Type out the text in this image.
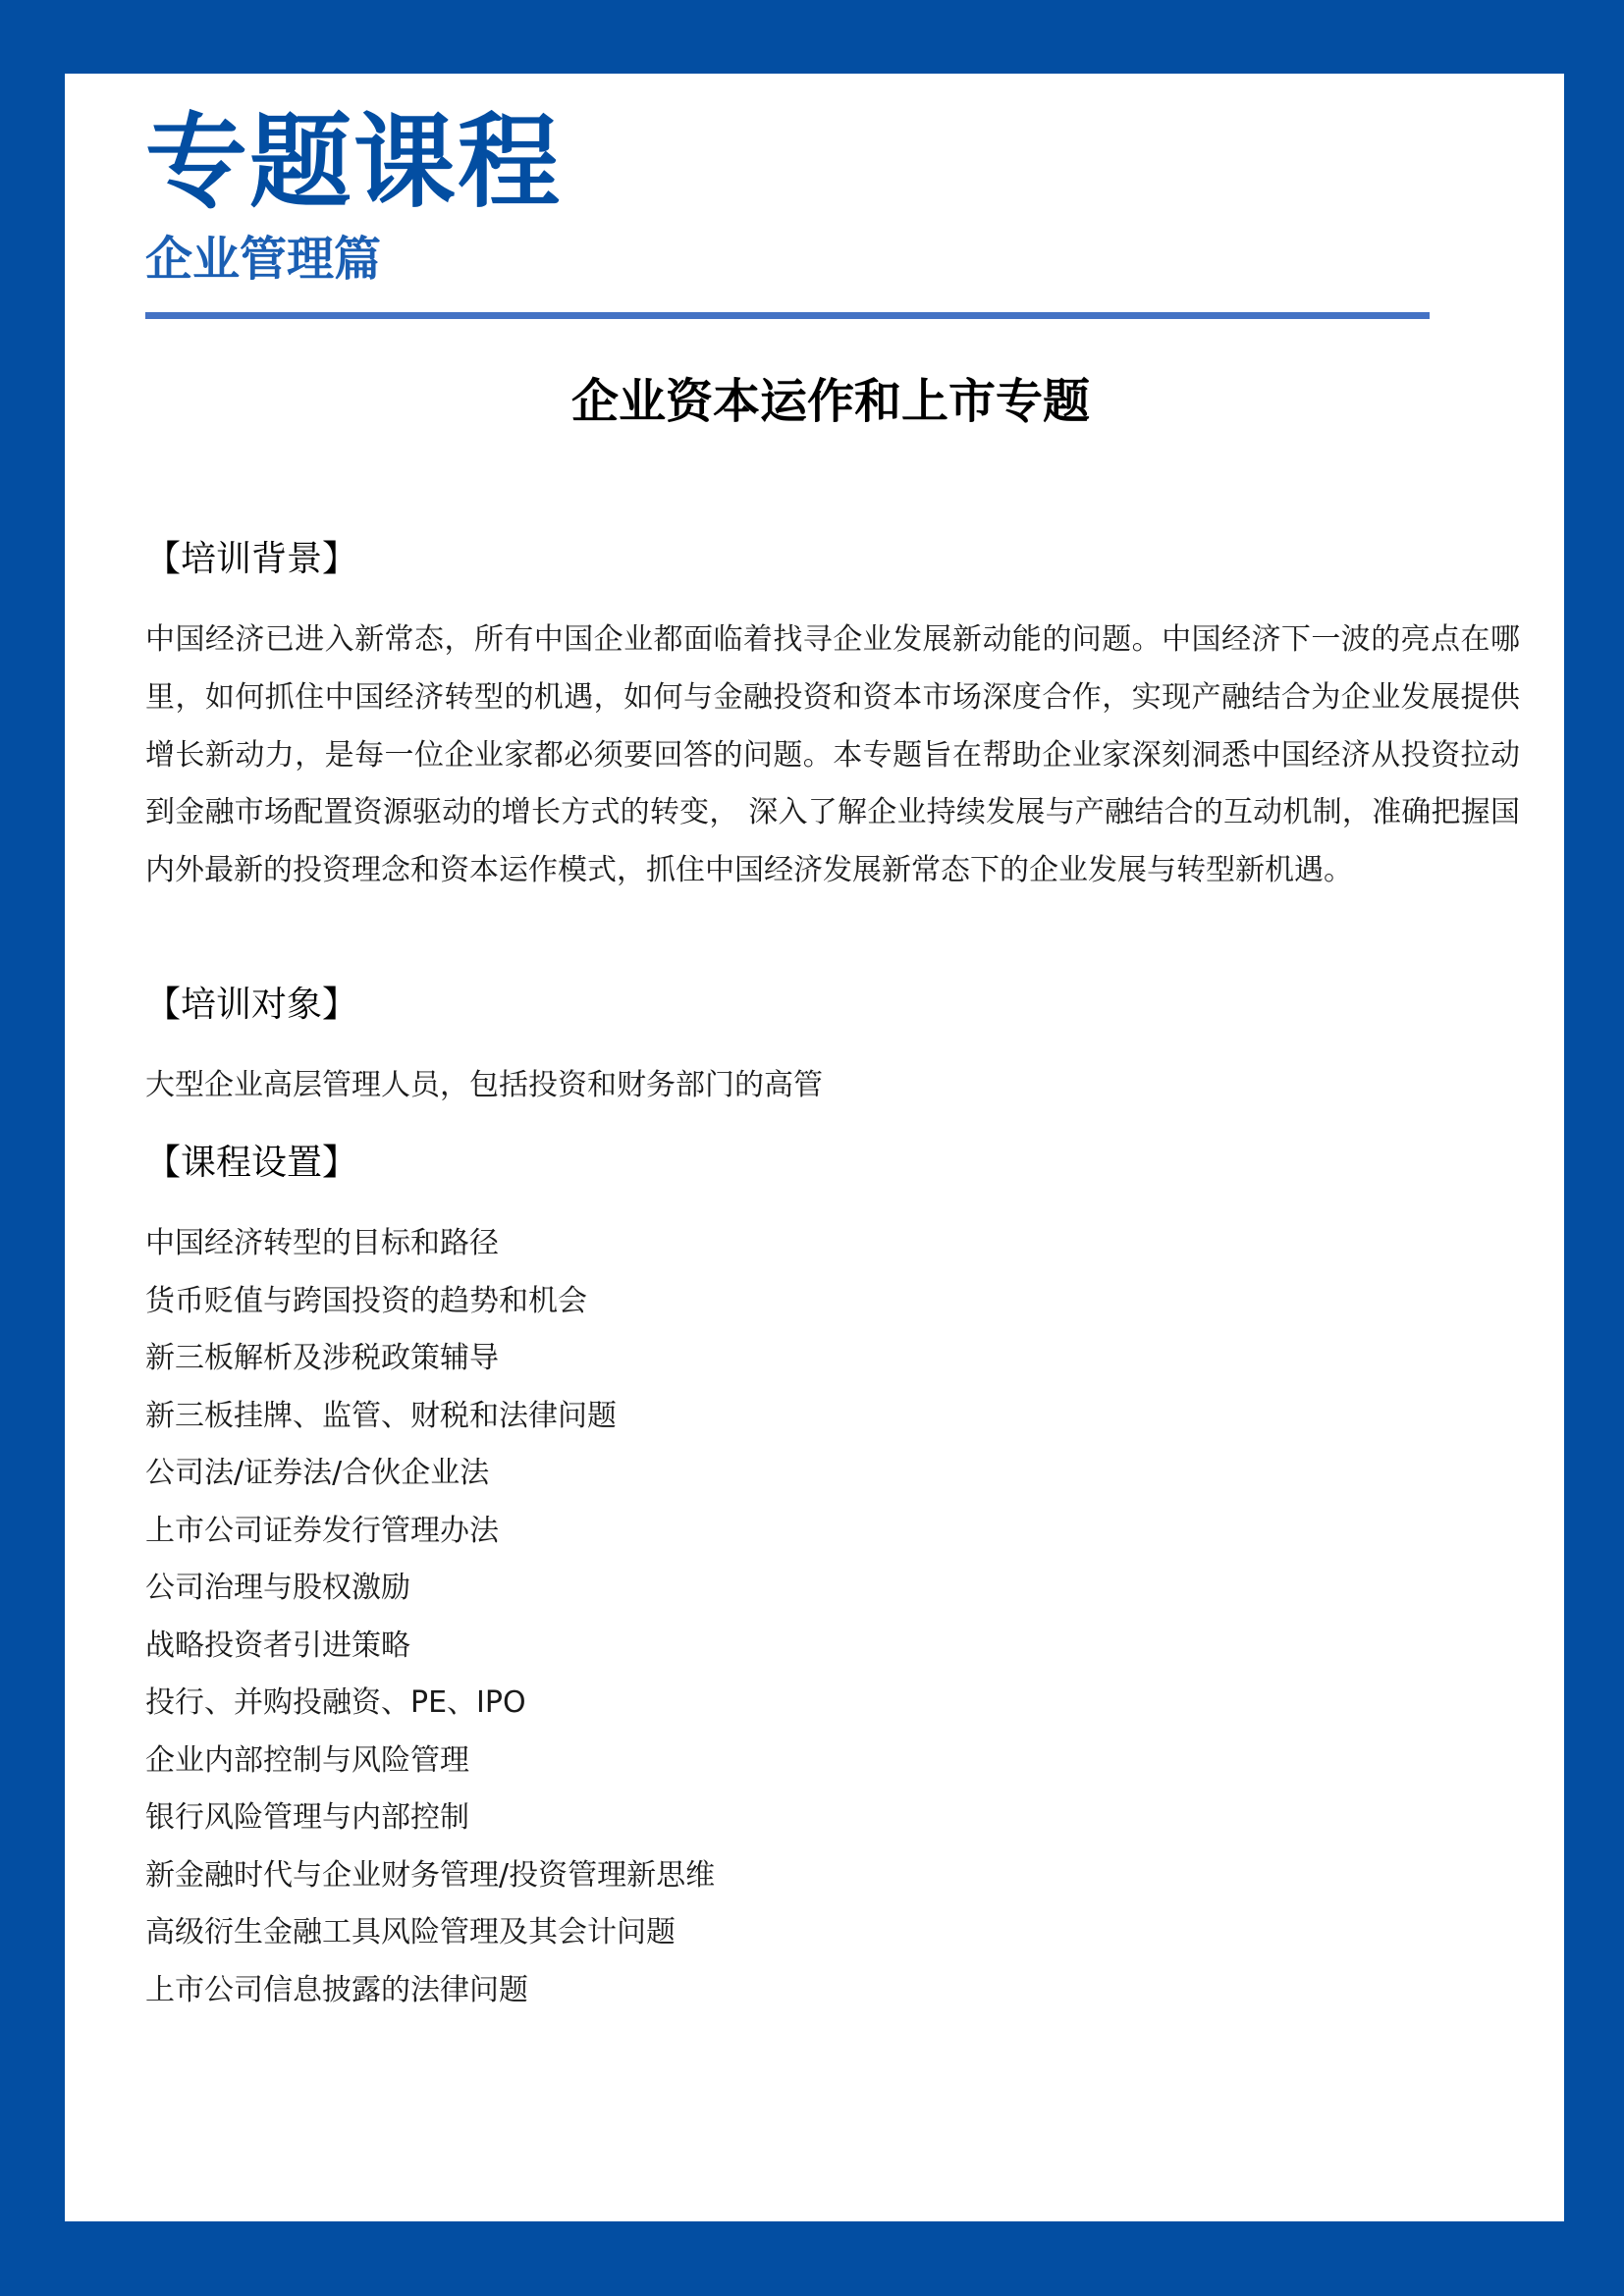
专题课程
企业管理篇
企业资本运作和上市专题
【培训背景】

中国经济已进入新常态，所有中国企业都面临着找寻企业发展新动能的问题。中国经济下一波的亮点在哪里，如何抓住中国经济转型的机遇，如何与金融投资和资本市场深度合作，实现产融结合为企业发展提供增长新动力，是每一位企业家都必须要回答的问题。本专题旨在帮助企业家深刻洞悉中国经济从投资拉动到金融市场配置资源驱动的增长方式的转变， 深入了解企业持续发展与产融结合的互动机制，准确把握国内外最新的投资理念和资本运作模式，抓住中国经济发展新常态下的企业发展与转型新机遇。

【培训对象】

大型企业高层管理人员，包括投资和财务部门的高管

【课程设置】
中国经济转型的目标和路径
货币贬值与跨国投资的趋势和机会
新三板解析及涉税政策辅导
新三板挂牌、监管、财税和法律问题
公司法/证券法/合伙企业法
上市公司证券发行管理办法
公司治理与股权激励
战略投资者引进策略
投行、并购投融资、PE、IPO
企业内部控制与风险管理
银行风险管理与内部控制
新金融时代与企业财务管理/投资管理新思维
高级衍生金融工具风险管理及其会计问题
上市公司信息披露的法律问题
